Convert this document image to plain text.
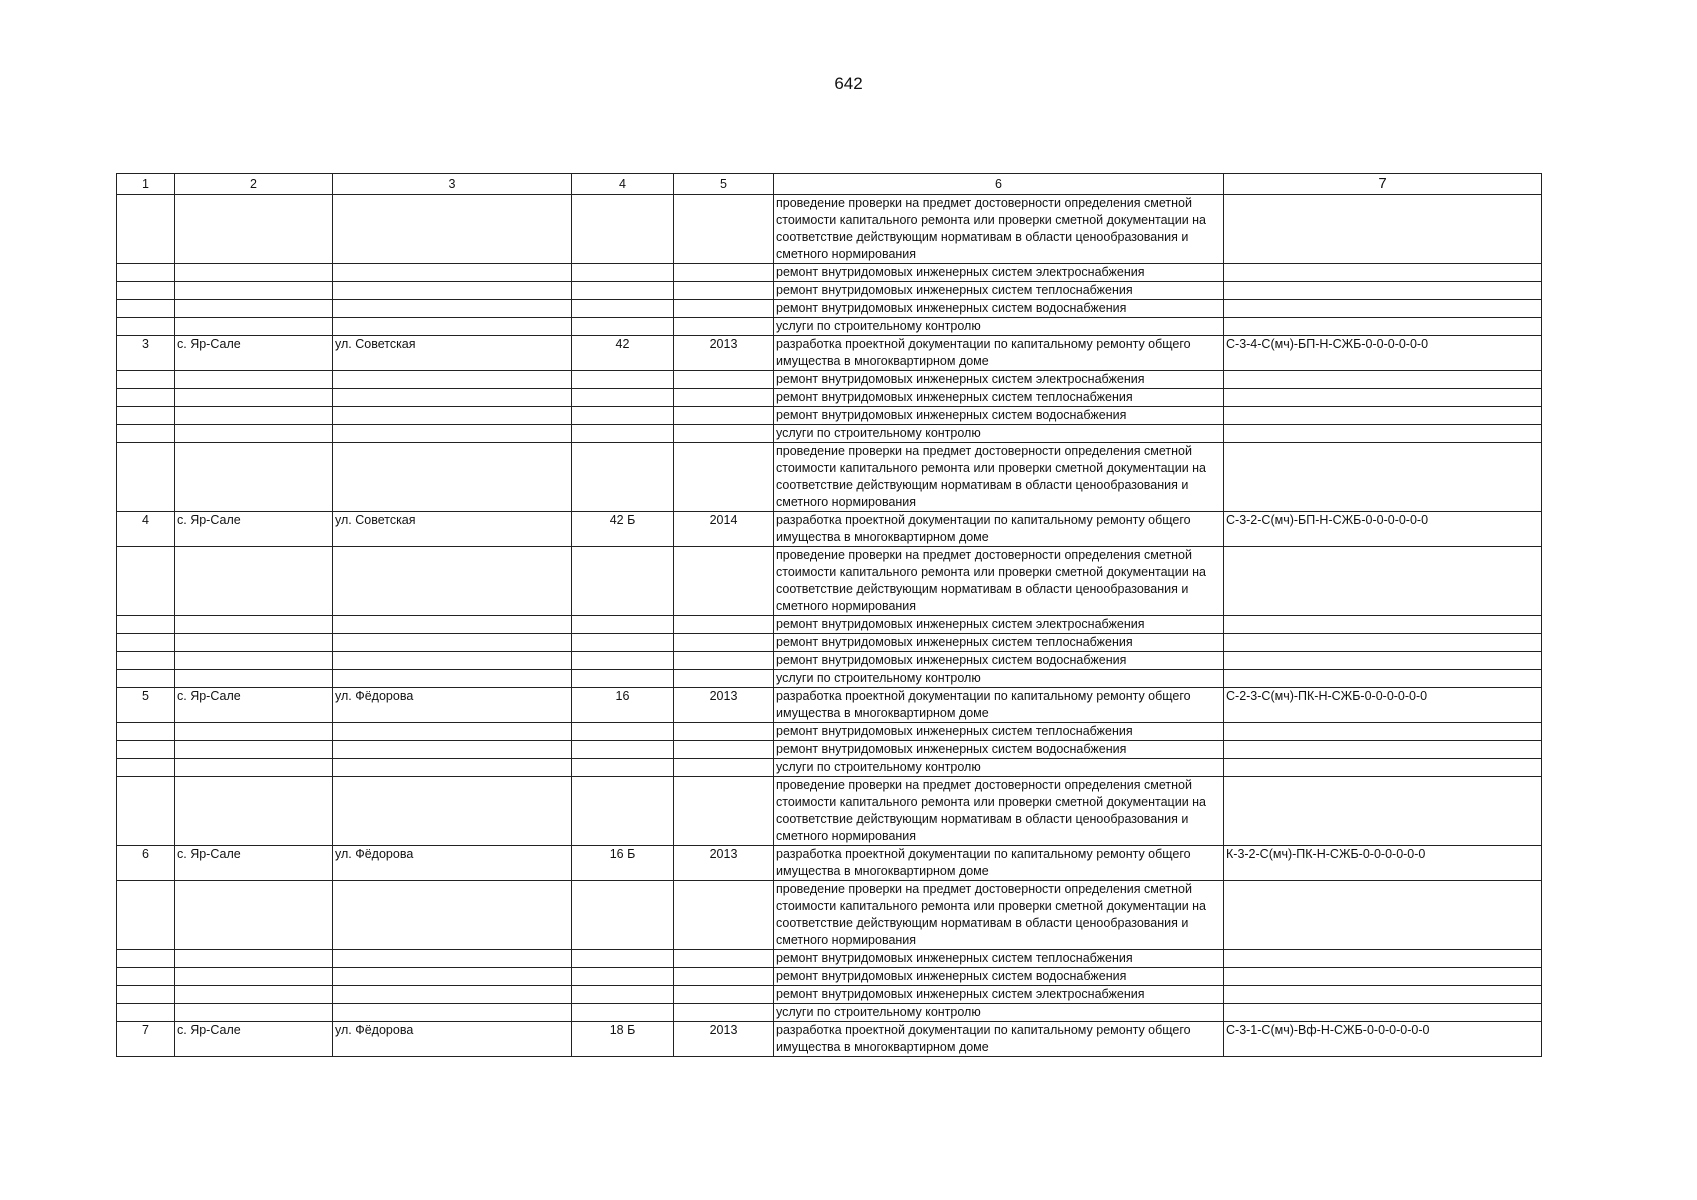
642
1	2	3	4	5	6	7
					проведение проверки на предмет достоверности определения сметной стоимости капитального ремонта или проверки сметной документации на соответствие действующим нормативам в области ценообразования и сметного нормирования	
					ремонт внутридомовых инженерных систем электроснабжения	
					ремонт внутридомовых инженерных систем теплоснабжения	
					ремонт внутридомовых инженерных систем водоснабжения	
					услуги по строительному контролю	
3	с. Яр-Сале	ул. Советская	42	2013	разработка проектной документации по капитальному ремонту общего имущества в многоквартирном доме	С-3-4-С(мч)-БП-Н-СЖБ-0-0-0-0-0-0
					ремонт внутридомовых инженерных систем электроснабжения	
					ремонт внутридомовых инженерных систем теплоснабжения	
					ремонт внутридомовых инженерных систем водоснабжения	
					услуги по строительному контролю	
					проведение проверки на предмет достоверности определения сметной стоимости капитального ремонта или проверки сметной документации на соответствие действующим нормативам в области ценообразования и сметного нормирования	
4	с. Яр-Сале	ул. Советская	42 Б	2014	разработка проектной документации по капитальному ремонту общего имущества в многоквартирном доме	С-3-2-С(мч)-БП-Н-СЖБ-0-0-0-0-0-0
					проведение проверки на предмет достоверности определения сметной стоимости капитального ремонта или проверки сметной документации на соответствие действующим нормативам в области ценообразования и сметного нормирования	
					ремонт внутридомовых инженерных систем электроснабжения	
					ремонт внутридомовых инженерных систем теплоснабжения	
					ремонт внутридомовых инженерных систем водоснабжения	
					услуги по строительному контролю	
5	с. Яр-Сале	ул. Фёдорова	16	2013	разработка проектной документации по капитальному ремонту общего имущества в многоквартирном доме	С-2-3-С(мч)-ПК-Н-СЖБ-0-0-0-0-0-0
					ремонт внутридомовых инженерных систем теплоснабжения	
					ремонт внутридомовых инженерных систем водоснабжения	
					услуги по строительному контролю	
					проведение проверки на предмет достоверности определения сметной стоимости капитального ремонта или проверки сметной документации на соответствие действующим нормативам в области ценообразования и сметного нормирования	
6	с. Яр-Сале	ул. Фёдорова	16 Б	2013	разработка проектной документации по капитальному ремонту общего имущества в многоквартирном доме	К-3-2-С(мч)-ПК-Н-СЖБ-0-0-0-0-0-0
					проведение проверки на предмет достоверности определения сметной стоимости капитального ремонта или проверки сметной документации на соответствие действующим нормативам в области ценообразования и сметного нормирования	
					ремонт внутридомовых инженерных систем теплоснабжения	
					ремонт внутридомовых инженерных систем водоснабжения	
					ремонт внутридомовых инженерных систем электроснабжения	
					услуги по строительному контролю	
7	с. Яр-Сале	ул. Фёдорова	18 Б	2013	разработка проектной документации по капитальному ремонту общего имущества в многоквартирном доме	С-3-1-С(мч)-Вф-Н-СЖБ-0-0-0-0-0-0
